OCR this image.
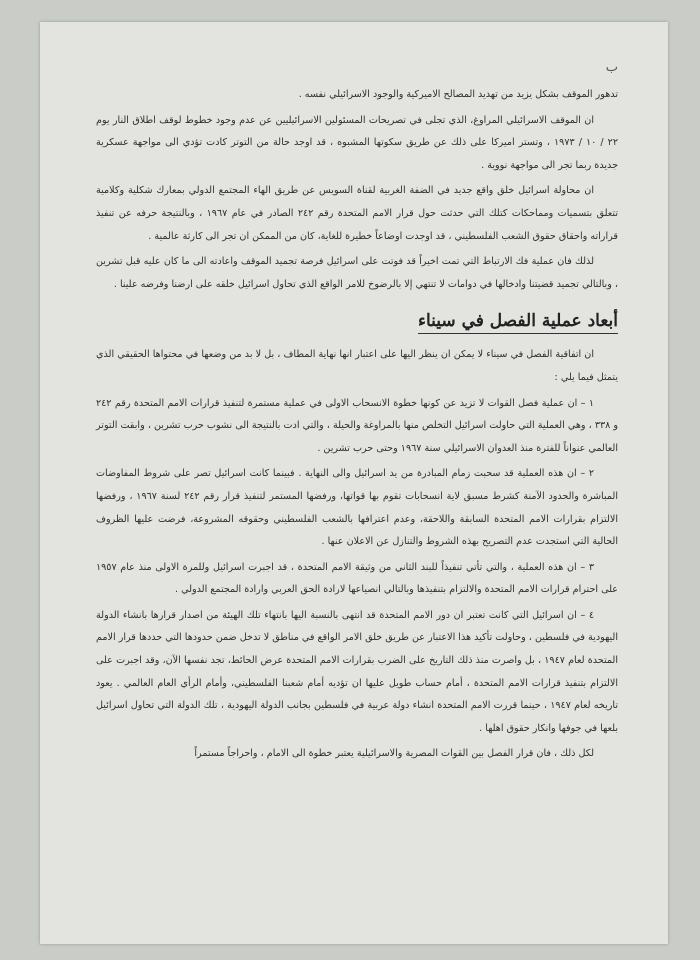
ب

تدهور الموقف بشكل يزيد من تهديد المصالح الاميركية والوجود الاسرائيلي نفسه .

ان الموقف الاسرائيلي المراوغ، الذي تجلى في تصريحات المسئولين الاسرائيليين عن عدم وجود خطوط لوقف اطلاق النار يوم ٢٢ / ١٠ / ١٩٧٣ ، وتستر اميركا على ذلك عن طريق سكوتها المشبوه ، قد اوجد حالة من التوتر كادت تؤدي الى مواجهة عسكرية جديدة ربما تجر الى مواجهة نووية .

ان محاولة اسرائيل خلق واقع جديد في الضفة الغربية لقناة السويس عن طريق الهاء المجتمع الدولي بمعارك شكلية وكلامية تتعلق بتسميات ومماحكات كتلك التي حدثت حول قرار الامم المتحدة رقم ٢٤٢ الصادر في عام ١٩٦٧ ، وبالنتيجة حرفه عن تنفيذ قراراته واحقاق حقوق الشعب الفلسطيني ، قد اوجدت اوضاعاً خطيرة للغاية، كان من الممكن ان تجر الى كارثة عالمية .

لذلك فان عملية فك الارتباط التي تمت اخيراً قد فوتت على اسرائيل فرصة تجميد الموقف واعادته الى ما كان عليه قبل تشرين ، وبالتالي تجميد قضيتنا وادخالها في دوامات لا تنتهي إلا بالرضوخ للامر الواقع الذي تحاول اسرائيل خلقه على ارضنا وفرضه علينا .

أبعاد عملية الفصل في سيناء

ان اتفاقية الفصل في سيناء لا يمكن ان ينظر اليها على اعتبار انها نهاية المطاف ، بل لا بد من وضعها في محتواها الحقيقي الذي يتمثل فيما يلي :

١ – ان عملية فصل القوات لا تزيد عن كونها خطوة الانسحاب الاولى في عملية مستمرة لتنفيذ قرارات الامم المتحدة رقم ٢٤٢ و ٣٣٨ ، وهي العملية التي حاولت اسرائيل التخلص منها بالمراوغة والحيلة ، والتي ادت بالنتيجة الى نشوب حرب تشرين ، وابقت التوتر العالمي عنواناً للفترة منذ العدوان الاسرائيلي سنة ١٩٦٧ وحتى حرب تشرين .

٢ – ان هذه العملية قد سحبت زمام المبادرة من يد اسرائيل والى النهاية . فبينما كانت اسرائيل تصر على شروط المفاوضات المباشرة والحدود الآمنة كشرط مسبق لاية انسحابات تقوم بها قواتها، ورفضها المستمر لتنفيذ قرار رقم ٢٤٢ لسنة ١٩٦٧ ، ورفضها الالتزام بقرارات الامم المتحدة السابقة واللاحقة، وعدم اعترافها بالشعب الفلسطيني وحقوقه المشروعة، فرضت عليها الظروف الحالية التي استجدت عدم التصريح بهذه الشروط والتنازل عن الاعلان عنها .

٣ – ان هذه العملية ، والتي تأتي تنفيذاً للبند الثاني من وثيقة الامم المتحدة ، قد اجبرت اسرائيل وللمرة الاولى منذ عام ١٩٥٧ على احترام قرارات الامم المتحدة والالتزام بتنفيذها وبالتالي انصياعها لارادة الحق العربي وارادة المجتمع الدولي .

٤ – ان اسرائيل التي كانت تعتبر ان دور الامم المتحدة قد انتهى بالنسبة اليها بانتهاء تلك الهيئة من اصدار قرارها بانشاء الدولة اليهودية في فلسطين ، وحاولت تأكيد هذا الاعتبار عن طريق خلق الامر الواقع في مناطق لا تدخل ضمن حدودها التي حددها قرار الامم المتحدة لعام ١٩٤٧ ، بل واصرت منذ ذلك التاريخ على الضرب بقرارات الامم المتحدة عرض الحائط، تجد نفسها الآن، وقد اجبرت على الالتزام بتنفيذ قرارات الامم المتحدة ، أمام حساب طويل عليها ان تؤديه أمام شعبنا الفلسطيني، وأمام الرأي العام العالمي . يعود تاريخه لعام ١٩٤٧ ، حينما قررت الامم المتحدة انشاء دولة عربية في فلسطين بجانب الدولة اليهودية ، تلك الدولة التي تحاول اسرائيل بلعها في جوفها وانكار حقوق اهلها .

لكل ذلك ، فان قرار الفصل بين القوات المصرية والاسرائيلية يعتبر خطوة الى الامام ، واحراجاً مستمراً
